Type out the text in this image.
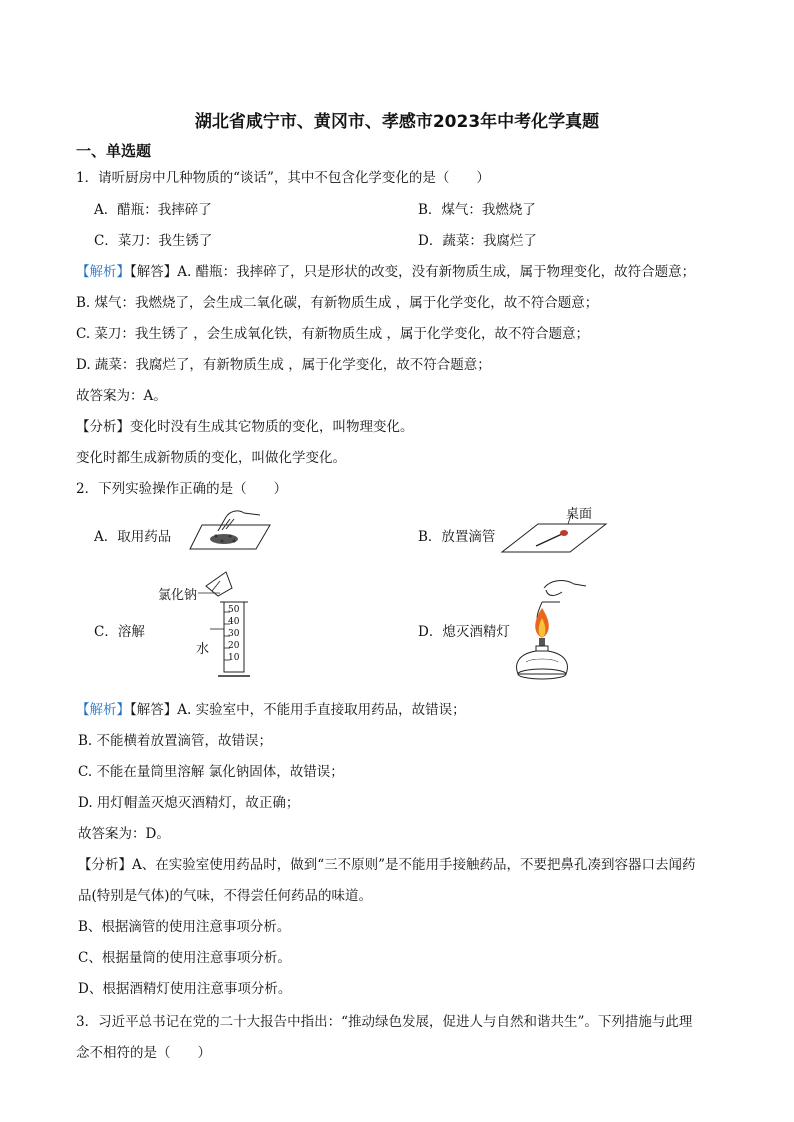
湖北省咸宁市、黄冈市、孝感市2023年中考化学真题
一、单选题
1．请听厨房中几种物质的“谈话”，其中不包含化学变化的是（　　）
A．醋瓶：我摔碎了	B．煤气：我燃烧了
C．菜刀：我生锈了	D．蔬菜：我腐烂了
【解析】【解答】A. 醋瓶：我摔碎了，只是形状的改变，没有新物质生成，属于物理变化，故符合题意；
B. 煤气：我燃烧了，会生成二氧化碳，有新物质生成 ，属于化学变化，故不符合题意；
C. 菜刀：我生锈了 ，会生成氧化铁，有新物质生成 ，属于化学变化，故不符合题意；
D. 蔬菜：我腐烂了，有新物质生成 ，属于化学变化，故不符合题意；
故答案为：A。
【分析】变化时没有生成其它物质的变化，叫物理变化。
变化时都生成新物质的变化，叫做化学变化。
2．下列实验操作正确的是（　　）
A．取用药品	B．放置滴管
C．溶解	D．熄灭酒精灯
桌面
氯化钠
水
50
40
30
20
10
【解析】【解答】A. 实验室中，不能用手直接取用药品，故错误；
B. 不能横着放置滴管，故错误；
C. 不能在量筒里溶解 氯化钠固体，故错误；
D. 用灯帽盖灭熄灭酒精灯，故正确；
故答案为：D。
【分析】A、在实验室使用药品时，做到“三不原则”是不能用手接触药品，不要把鼻孔凑到容器口去闻药
品(特别是气体)的气味，不得尝任何药品的味道。
B、根据滴管的使用注意事项分析。
C、根据量筒的使用注意事项分析。
D、根据酒精灯使用注意事项分析。
3．习近平总书记在党的二十大报告中指出：“推动绿色发展，促进人与自然和谐共生”。下列措施与此理
念不相符的是（　　）
